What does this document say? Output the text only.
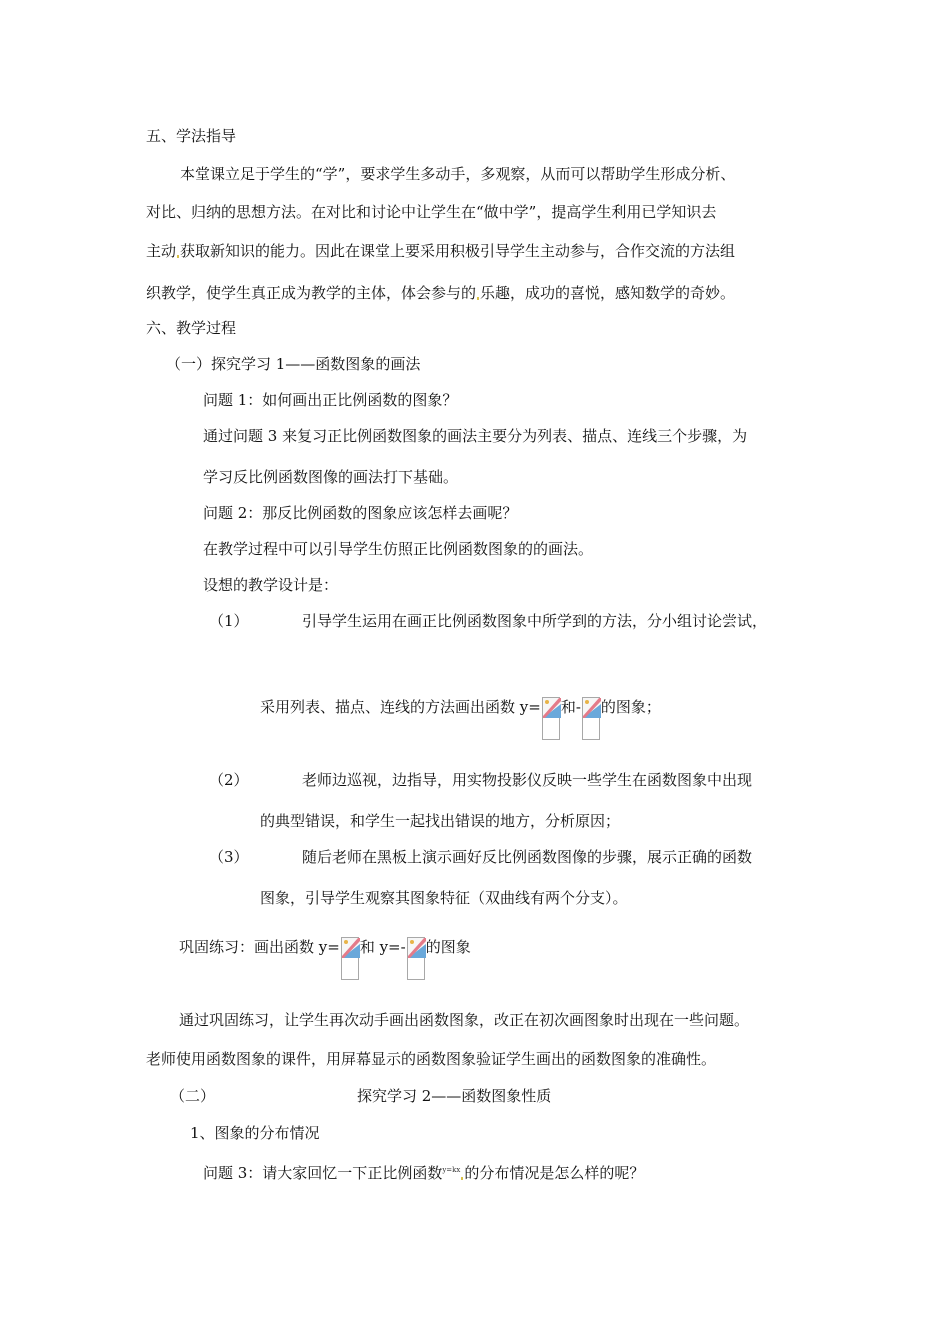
五、学法指导
本堂课立足于学生的“学”，要求学生多动手，多观察，从而可以帮助学生形成分析、
对比、归纳的思想方法。在对比和讨论中让学生在“做中学”，提高学生利用已学知识去
主动 获取新知识的能力。因此在课堂上要采用积极引导学生主动参与，合作交流的方法组
织教学，使学生真正成为教学的主体，体会参与的 乐趣，成功的喜悦，感知数学的奇妙。
六、教学过程
（一）探究学习 1——函数图象的画法
问题 1：如何画出正比例函数的图象？
通过问题 3 来复习正比例函数图象的画法主要分为列表、描点、连线三个步骤，为
学习反比例函数图像的画法打下基础。
问题 2：那反比例函数的图象应该怎样去画呢？
在教学过程中可以引导学生仿照正比例函数图象的的画法。
设想的教学设计是：
（1）	引导学生运用在画正比例函数图象中所学到的方法，分小组讨论尝试，
采用列表、描点、连线的方法画出函数 y= 和- 的图象；
（2）	老师边巡视，边指导，用实物投影仪反映一些学生在函数图象中出现
的典型错误，和学生一起找出错误的地方，分析原因；
（3）	随后老师在黑板上演示画好反比例函数图像的步骤，展示正确的函数
图象，引导学生观察其图象特征（双曲线有两个分支）。
巩固练习：画出函数 y= 和 y=- 的图象
通过巩固练习，让学生再次动手画出函数图象，改正在初次画图象时出现在一些问题。
老师使用函数图象的课件，用屏幕显示的函数图象验证学生画出的函数图象的准确性。
（二）	探究学习 2——函数图象性质
1、图象的分布情况
问题 3：请大家回忆一下正比例函数$^{y=kx}$ 的分布情况是怎么样的呢？
